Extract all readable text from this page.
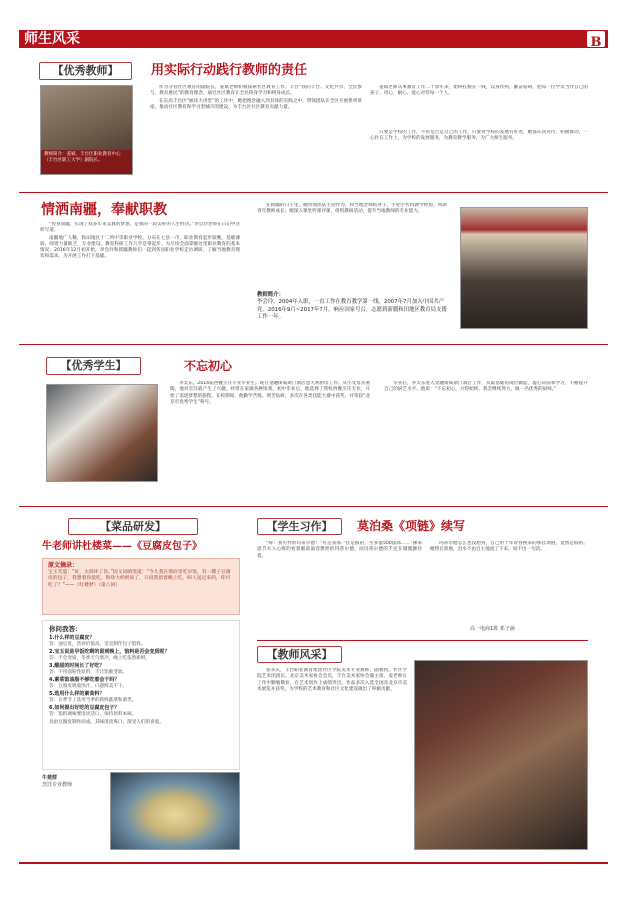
师生风采	B
【优秀教师】	用实际行动践行教师的责任
教师简介：姜斌，丰台区职业教育中心（丰台区职工大学）副院长。

作为分管社区教育的副院长，姜斌老师积极探索社区教育工作。丰台“我的丰台、文化共享、全民参与、教育惠民”的教育理念，通过社区教育让全民终身学习和终身成长。

在东高丰台区“丽泽大讲堂”的工作中，她把理念融入到具体的实践之中，带领团队在全区开展系列讲座，推动社区教育和学习型城市的建设，为丰台区社区教育贡献力量。

姜斌老师从事教育工作二十余年来，始终扎根在一线，以身作则，勤奋钻研，把每一位学员当作自己的孩子，用心、耐心、爱心对待每一个人。

只要是学校的工作，不管是否是自己的工作，只要对学校的发展有好处，她都认真对待，积极推动，一心扑在工作上，为学校的发展服务，为教育教学服务，为广大师生服务。

情洒南疆，奉献职教

“投身南疆，实现了我多年来支教的梦想，是我的一段美好的人生经历。”李会玲老师在日记中这样写道。

南疆地广人稀，和田地区十二所中等职业学校，分布在七县一市，职业教育起步较晚，基础薄弱，师资力量缺乏，专业建设、教育科研工作几乎是零起步。为尽快全面掌握这里职业教育的基本情况，2016年12月初开始，李会玲和援疆教师们一起到各县职业学校走访调研，了解当地教育现状和需求，为开展工作打下基础。

在援疆的日子里，她带领团队主动作为，和当地老师结对子，手把手传授教学经验，帮助青年教师成长；她深入课堂听课评课，组织教研活动，提升当地教师的专业能力。

教师简介：
李会玲，2004年入职，一直工作在教育教学第一线。2007年7月加入中国共产党。2016年9月~2017年7月，响应国家号召，志愿到新疆和田地区教育局支援工作一年。
【优秀学生】	不忘初心

李太东，2014届西餐烹饪专业毕业生。现在金融街威斯汀酒店意大利厨房工作。从小受母亲熏陶，他对烹饪就产生了兴趣，经常在家做各种饭菜。初中毕业后，他选择了我校西餐烹饪专业，开始了追逐梦想的旅程。在校期间，他勤学苦练，刻苦钻研，多次在各类技能大赛中获奖，并荣获“北京市优秀学生”称号。

毕业后，李太东进入金融街威斯汀酒店工作，从最基础的岗位做起，虚心向前辈学习，不断提升自己的厨艺水平。他说：“不忘初心，方得始终。我会继续努力，做一名优秀的厨师。”

【菜品研发】
牛老师讲杜楼菜——《豆腐皮包子》
原文摘录：
宝玉笑道：“好，太渴坏了你。”因又问晴雯道：“今儿我在那府里吃早饭，有一碟子豆腐皮的包子，我想着你爱吃，和珍大奶奶说了，只说我留着晚上吃，叫人送过来的，你可吃了？”——（红楼梦）（第八回）
你问我答：
1.什么样的豆腐皮？
答：油豆皮，营养价值高，适宜制作包子馅料。
2.宝玉说是早饭吃剩的留到晚上，馅料是否会变质呢？
答：不会变质，冬季天气寒冷，晚上吃依然新鲜。
3.酸甜的时间长了好吃？
答：不用面粉性原料，不让馅脆变软。
4.素菜馅油脂不够吃着会干吗？
答：豆腐皮吸收汤汁，口感鲜美不干。
5.选用什么样的素食料？
答：在季节上选用当季的新鲜蔬菜和菌类。
6.如何提出好吃的豆腐皮包子？
答：馅料调味要清淡适口，保持原料本味。
具由豆腐皮制作而成，其味清淡爽口，深受人们的喜爱。
牛楚群
烹饪专业教师
【学生习作】	莫泊桑《项链》续写

“呀！我可怜的玛蒂尔德！”可是我那一挂是假的，至多值500法郎……”佛莱思节夫人心疼的看着眼前面容憔悴的玛蒂尔德，而玛蒂尔德的手还在微微颤抖着。

玛蒂尔德怎么也没想到，自己用十年青春换来的那挂项链，竟然是假的。她愣在原地，泪水不由自主地流了下来，说不出一句话。

高一电商1班 邓子涵
【教师风采】

张永庆，丰台职业教育集团社区学院美术专业教师，副教授，社区学院艺术团团长。北京美术家协会会员，丰台美术家协会副主席。姜老师在工作中勤勉敬业，在艺术创作上成绩突出，作品多次入选全国及北京市美术展览并获奖，为学校的艺术教育和社区文化建设做出了积极贡献。
